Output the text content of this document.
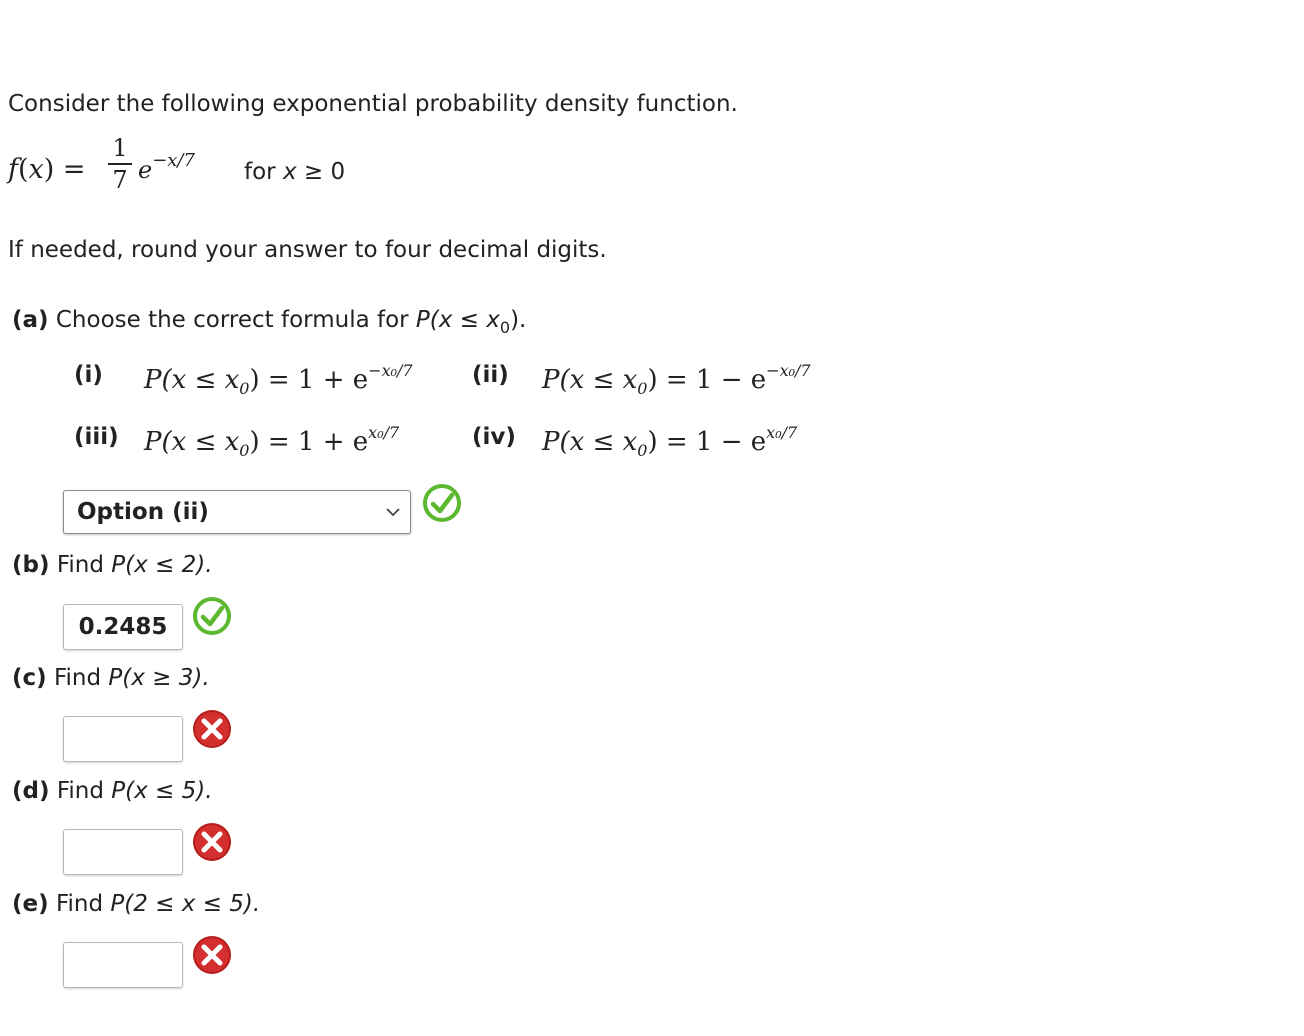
Consider the following exponential probability density function.
f(x) =
1
7 $e^{-x/7}$ for x ≥ 0
If needed, round your answer to four decimal digits.
(a) Choose the correct formula for $P(x \le x_0)$.
(i) $P(x \le x_0) = 1 + e^{-x_0/7}$	(ii) $P(x \le x_0) = 1 - e^{-x_0/7}$
(iii) $P(x \le x_0) = 1 + e^{x_0/7}$	(iv) $P(x \le x_0) = 1 - e^{x_0/7}$
Option (ii)
(b) Find P(x ≤ 2).
0.2485
(c) Find P(x ≥ 3).
(d) Find P(x ≤ 5).
(e) Find P(2 ≤ x ≤ 5).
